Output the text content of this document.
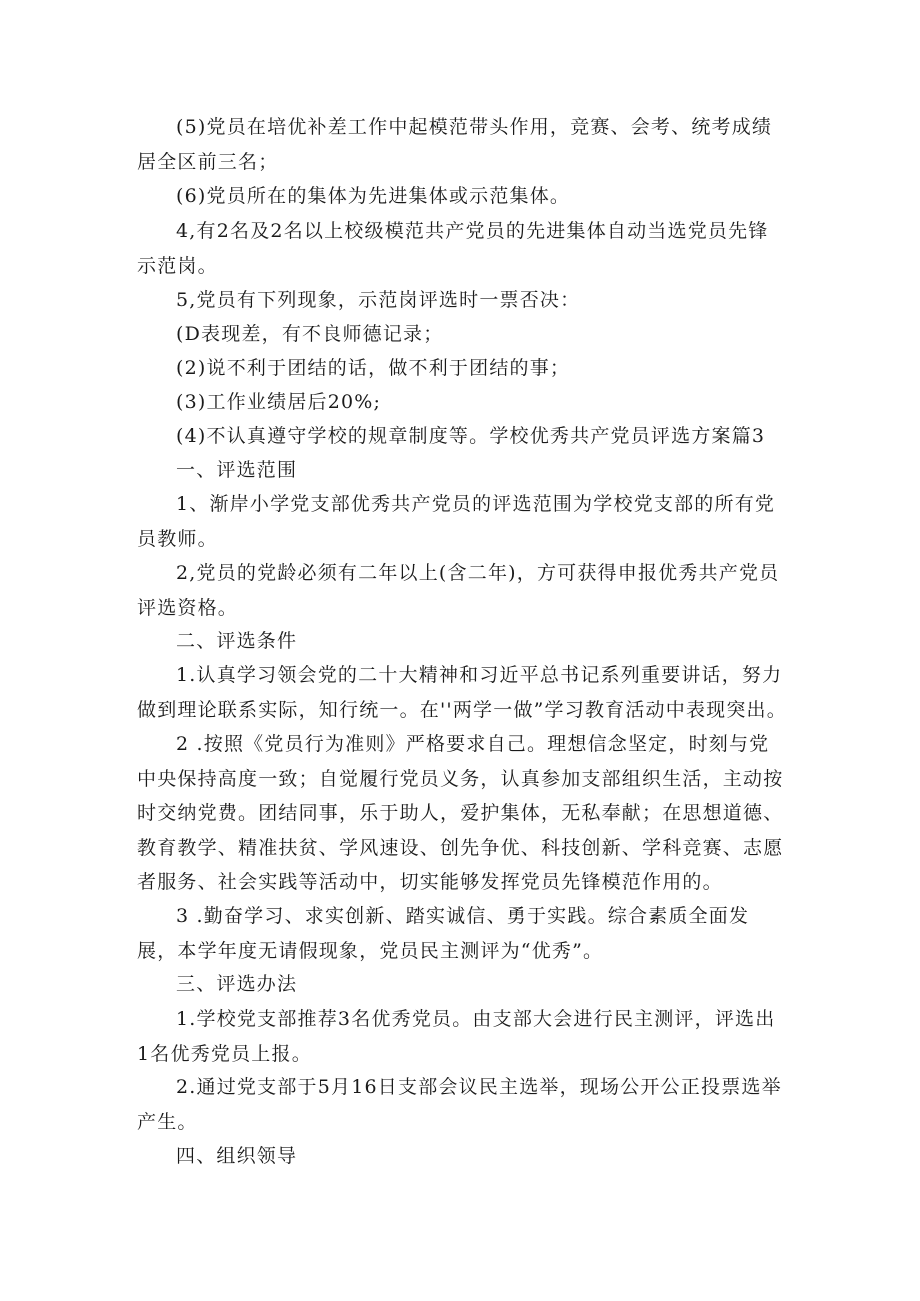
(5)党员在培优补差工作中起模范带头作用，竞赛、会考、统考成绩居全区前三名；

(6)党员所在的集体为先进集体或示范集体。

4,有2名及2名以上校级模范共产党员的先进集体自动当选党员先锋示范岗。

5,党员有下列现象，示范岗评选时一票否决：

(D表现差，有不良师德记录；

(2)说不利于团结的话，做不利于团结的事；

(3)工作业绩居后20%;

(4)不认真遵守学校的规章制度等。学校优秀共产党员评选方案篇3

一、评选范围

1、渐岸小学党支部优秀共产党员的评选范围为学校党支部的所有党员教师。

2,党员的党龄必须有二年以上(含二年)，方可获得申报优秀共产党员评选资格。

二、评选条件

1.认真学习领会党的二十大精神和习近平总书记系列重要讲话，努力做到理论联系实际，知行统一。在''两学一做”学习教育活动中表现突出。

2 .按照《党员行为准则》严格要求自己。理想信念坚定，时刻与党中央保持高度一致；自觉履行党员义务，认真参加支部组织生活，主动按时交纳党费。团结同事，乐于助人，爱护集体，无私奉献；在思想道德、教育教学、精准扶贫、学风速设、创先争优、科技创新、学科竞赛、志愿者服务、社会实践等活动中，切实能够发挥党员先锋模范作用的。

3 .勤奋学习、求实创新、踏实诚信、勇于实践。综合素质全面发展，本学年度无请假现象，党员民主测评为“优秀”。

三、评选办法

1.学校党支部推荐3名优秀党员。由支部大会进行民主测评，评选出1名优秀党员上报。

2.通过党支部于5月16日支部会议民主选举，现场公开公正投票选举产生。

四、组织领导
